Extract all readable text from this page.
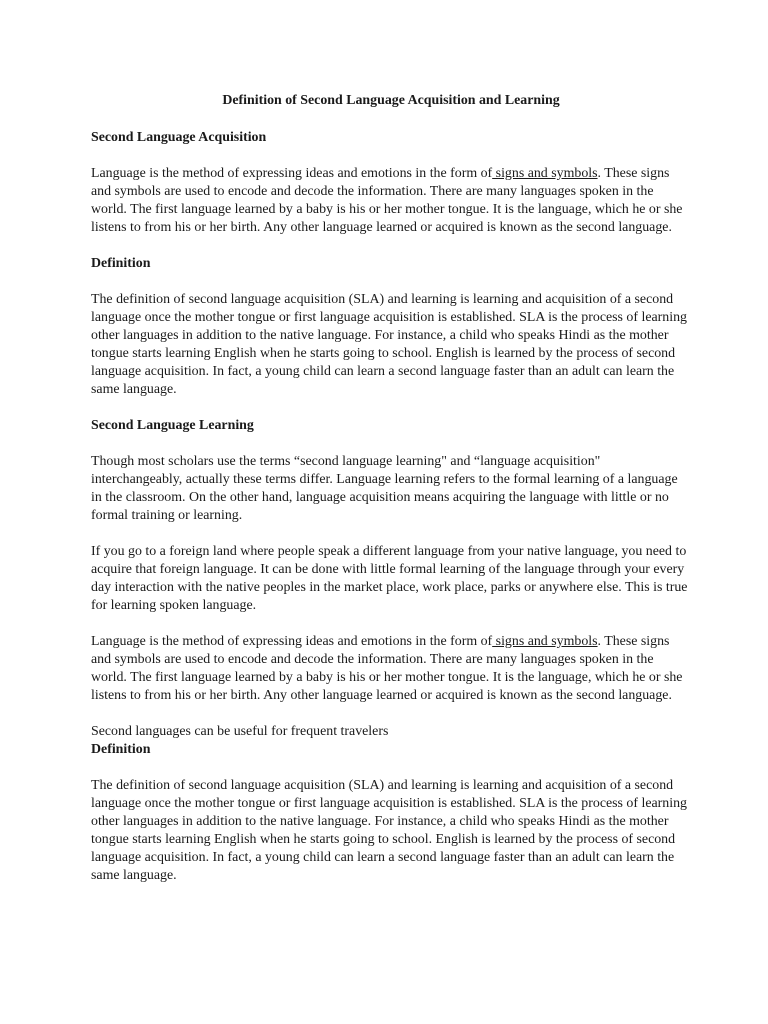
Definition of Second Language Acquisition and Learning
Second Language Acquisition
Language is the method of expressing ideas and emotions in the form of signs and symbols. These signs and symbols are used to encode and decode the information. There are many languages spoken in the world. The first language learned by a baby is his or her mother tongue. It is the language, which he or she listens to from his or her birth. Any other language learned or acquired is known as the second language.
Definition
The definition of second language acquisition (SLA) and learning is learning and acquisition of a second language once the mother tongue or first language acquisition is established. SLA is the process of learning other languages in addition to the native language. For instance, a child who speaks Hindi as the mother tongue starts learning English when he starts going to school. English is learned by the process of second language acquisition. In fact, a young child can learn a second language faster than an adult can learn the same language.
Second Language Learning
Though most scholars use the terms “second language learning" and “language acquisition" interchangeably, actually these terms differ. Language learning refers to the formal learning of a language in the classroom. On the other hand, language acquisition means acquiring the language with little or no formal training or learning.
If you go to a foreign land where people speak a different language from your native language, you need to acquire that foreign language. It can be done with little formal learning of the language through your every day interaction with the native peoples in the market place, work place, parks or anywhere else. This is true for learning spoken language.
Language is the method of expressing ideas and emotions in the form of signs and symbols. These signs and symbols are used to encode and decode the information. There are many languages spoken in the world. The first language learned by a baby is his or her mother tongue. It is the language, which he or she listens to from his or her birth. Any other language learned or acquired is known as the second language.
Second languages can be useful for frequent travelers
Definition
The definition of second language acquisition (SLA) and learning is learning and acquisition of a second language once the mother tongue or first language acquisition is established. SLA is the process of learning other languages in addition to the native language. For instance, a child who speaks Hindi as the mother tongue starts learning English when he starts going to school. English is learned by the process of second language acquisition. In fact, a young child can learn a second language faster than an adult can learn the same language.
